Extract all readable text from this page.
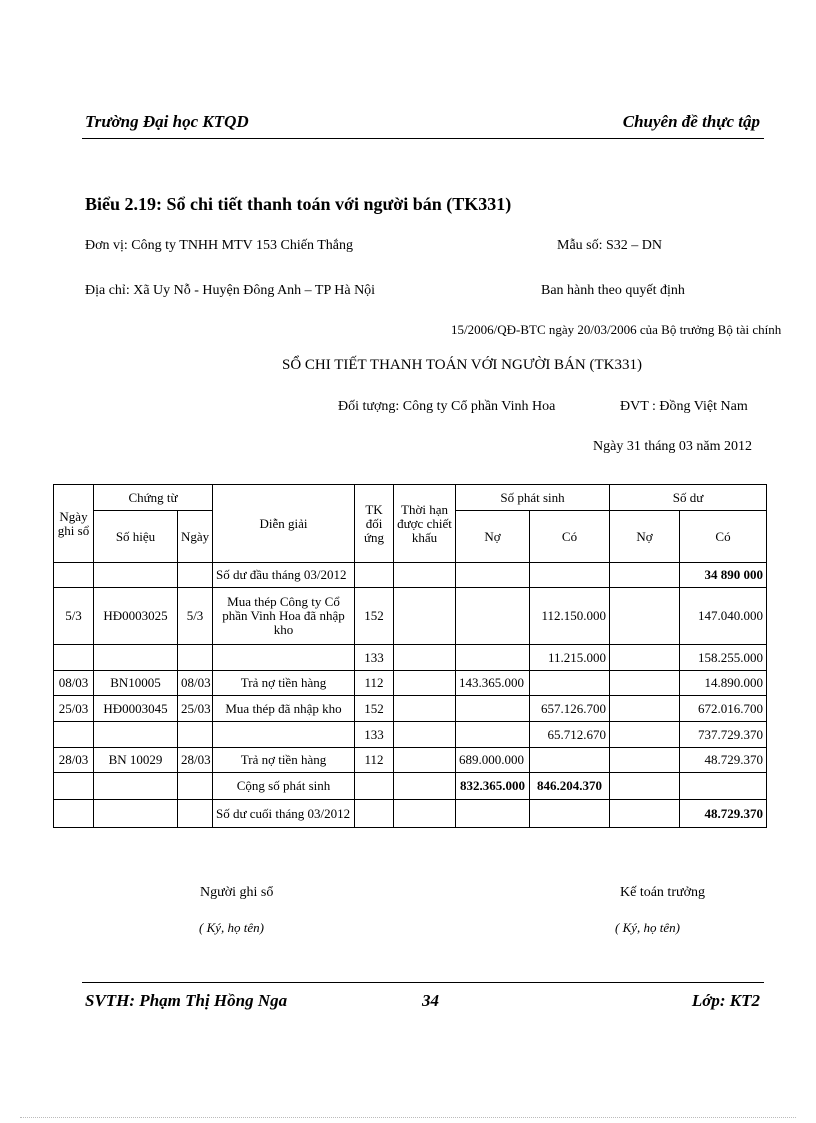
Trường Đại học KTQD	Chuyên đề thực tập
Biểu 2.19: Sổ chi tiết thanh toán với người bán (TK331)
Đơn vị: Công ty TNHH MTV 153 Chiến Thắng	Mẫu số: S32 – DN
Địa chỉ: Xã Uy Nỗ - Huyện Đông Anh – TP Hà Nội	Ban hành theo quyết định
15/2006/QĐ-BTC ngày 20/03/2006 của Bộ trưởng Bộ tài chính
SỔ CHI TIẾT THANH TOÁN VỚI NGƯỜI BÁN (TK331)
Đối tượng: Công ty Cổ phần Vinh Hoa	ĐVT : Đồng Việt Nam
Ngày 31 tháng 03 năm 2012
Ngày ghi sổ	Chứng từ		Diễn giải	TK đối ứng	Thời hạn được chiết khấu	Số phát sinh		Số dư	
	Số hiệu	Ngày				Nợ	Có	Nợ	Có
			Số dư đầu tháng 03/2012						34 890 000
5/3	HĐ0003025	5/3	Mua thép Công ty Cổ phần Vinh Hoa đã nhập kho	152			112.150.000		147.040.000
				133			11.215.000		158.255.000
08/03	BN10005	08/03	Trả nợ tiền hàng	112		143.365.000			14.890.000
25/03	HĐ0003045	25/03	Mua thép đã nhập kho	152			657.126.700		672.016.700
				133			65.712.670		737.729.370
28/03	BN 10029	28/03	Trả nợ tiền hàng	112		689.000.000			48.729.370
			Cộng số phát sinh			832.365.000	846.204.370		
			Số dư cuối tháng 03/2012						48.729.370
Người ghi sổ
( Ký, họ tên)
Kế toán trưởng
( Ký, họ tên)
SVTH: Phạm Thị Hồng Nga	34	Lớp: KT2
